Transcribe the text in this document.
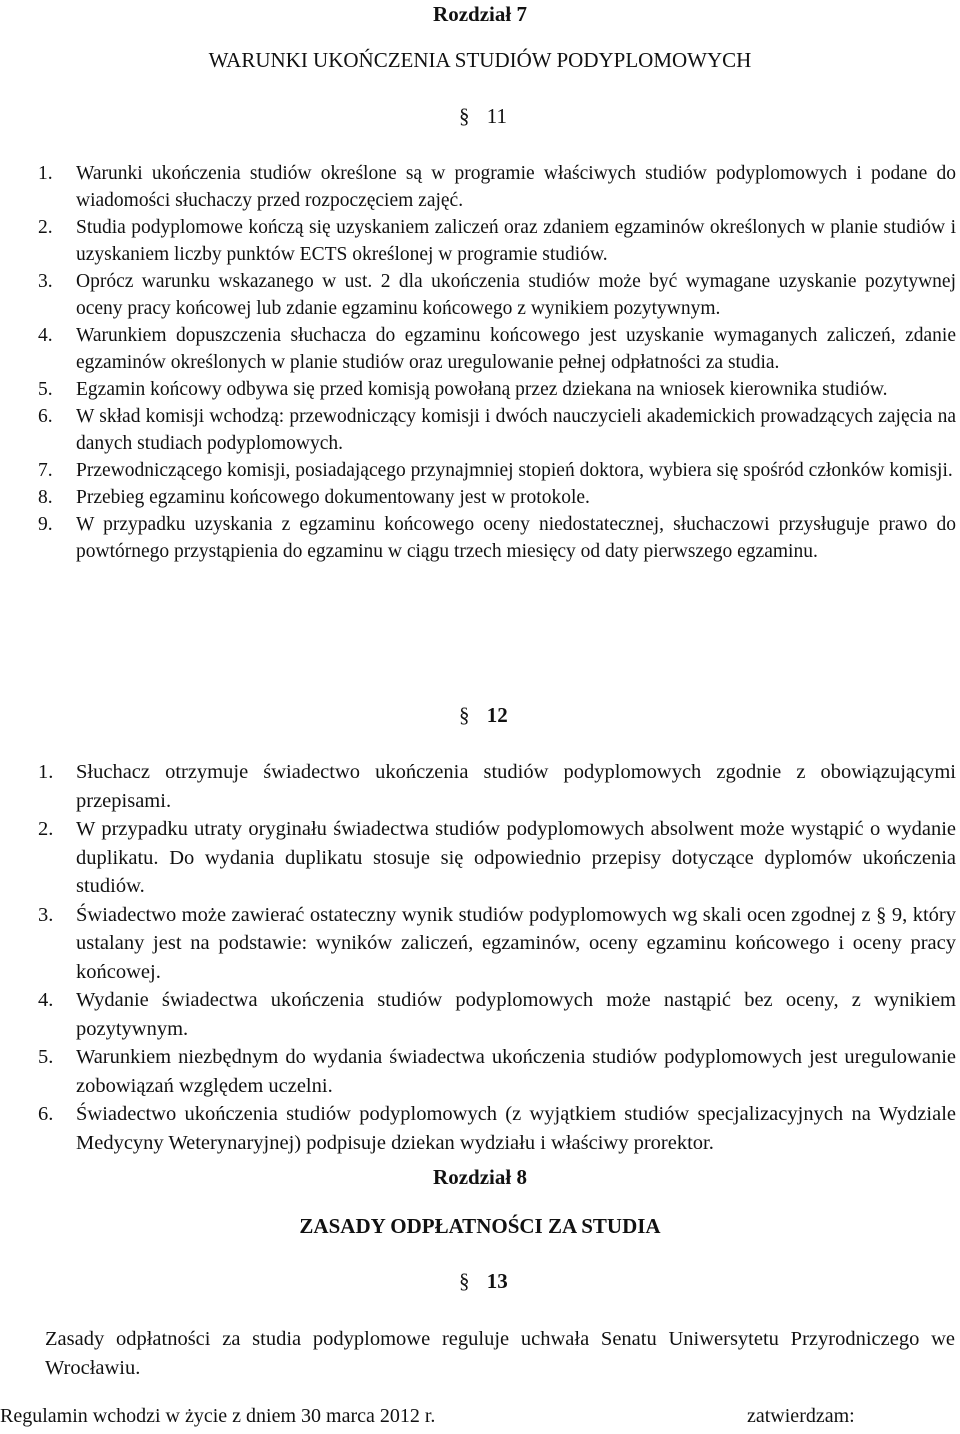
Rozdział 7
WARUNKI UKOŃCZENIA STUDIÓW PODYPLOMOWYCH
§ 11
1. Warunki ukończenia studiów określone są w programie właściwych studiów podyplomowych i podane do wiadomości słuchaczy przed rozpoczęciem zajęć.
2. Studia podyplomowe kończą się uzyskaniem zaliczeń oraz zdaniem egzaminów określonych w planie studiów i uzyskaniem liczby punktów ECTS określonej w programie studiów.
3. Oprócz warunku wskazanego w ust. 2 dla ukończenia studiów może być wymagane uzyskanie pozytywnej oceny pracy końcowej lub zdanie egzaminu końcowego z wynikiem pozytywnym.
4. Warunkiem dopuszczenia słuchacza do egzaminu końcowego jest uzyskanie wymaganych zaliczeń, zdanie egzaminów określonych w planie studiów oraz uregulowanie pełnej odpłatności za studia.
5. Egzamin końcowy odbywa się przed komisją powołaną przez dziekana na wniosek kierownika studiów.
6. W skład komisji wchodzą: przewodniczący komisji i dwóch nauczycieli akademickich prowadzących zajęcia na danych studiach podyplomowych.
7. Przewodniczącego komisji, posiadającego przynajmniej stopień doktora, wybiera się spośród członków komisji.
8. Przebieg egzaminu końcowego dokumentowany jest w protokole.
9. W przypadku uzyskania z egzaminu końcowego oceny niedostatecznej, słuchaczowi przysługuje prawo do powtórnego przystąpienia do egzaminu w ciągu trzech miesięcy od daty pierwszego egzaminu.
§ 12
1. Słuchacz otrzymuje świadectwo ukończenia studiów podyplomowych zgodnie z obowiązującymi przepisami.
2. W przypadku utraty oryginału świadectwa studiów podyplomowych absolwent może wystąpić o wydanie duplikatu. Do wydania duplikatu stosuje się odpowiednio przepisy dotyczące dyplomów ukończenia studiów.
3. Świadectwo może zawierać ostateczny wynik studiów podyplomowych wg skali ocen zgodnej z § 9, który ustalany jest na podstawie: wyników zaliczeń, egzaminów, oceny egzaminu końcowego i oceny pracy końcowej.
4. Wydanie świadectwa ukończenia studiów podyplomowych może nastąpić bez oceny, z wynikiem pozytywnym.
5. Warunkiem niezbędnym do wydania świadectwa ukończenia studiów podyplomowych jest uregulowanie zobowiązań względem uczelni.
6. Świadectwo ukończenia studiów podyplomowych (z wyjątkiem studiów specjalizacyjnych na Wydziale Medycyny Weterynaryjnej) podpisuje dziekan wydziału i właściwy prorektor.
Rozdział 8
ZASADY ODPŁATNOŚCI ZA STUDIA
§ 13
Zasady odpłatności za studia podyplomowe reguluje uchwała Senatu Uniwersytetu Przyrodniczego we Wrocławiu.
Regulamin wchodzi w życie z dniem 30 marca 2012 r.	zatwierdzam:
